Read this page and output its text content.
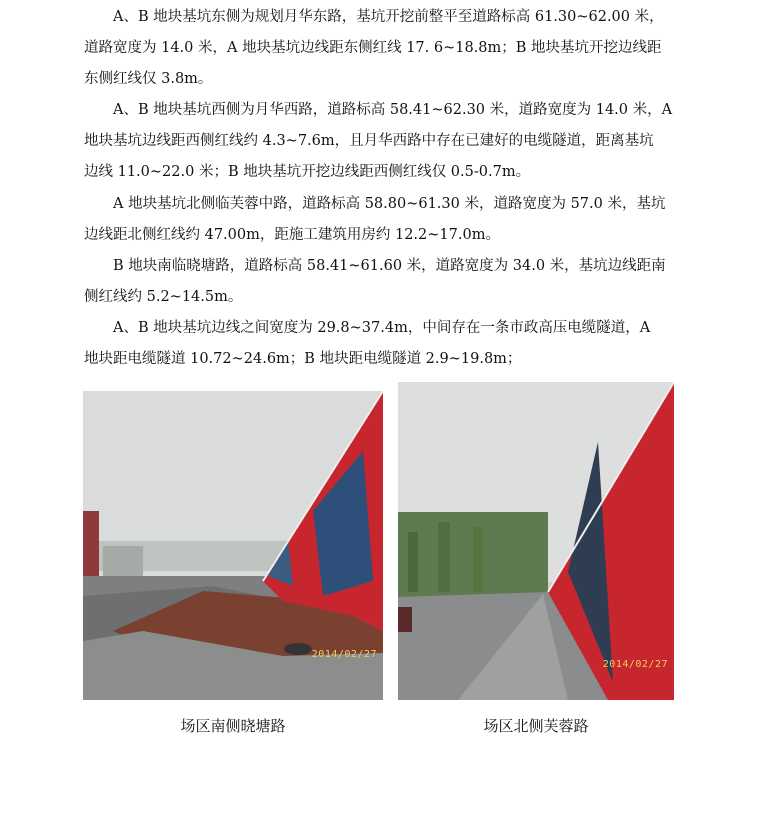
A、B 地块基坑东侧为规划月华东路，基坑开挖前整平至道路标高 61.30~62.00 米，
道路宽度为 14.0 米，A 地块基坑边线距东侧红线 17. 6~18.8m；B 地块基坑开挖边线距
东侧红线仅 3.8m。
A、B 地块基坑西侧为月华西路，道路标高 58.41~62.30 米，道路宽度为 14.0 米，A
地块基坑边线距西侧红线约 4.3~7.6m，且月华西路中存在已建好的电缆隧道，距离基坑
边线 11.0~22.0 米；B 地块基坑开挖边线距西侧红线仅 0.5-0.7m。
A 地块基坑北侧临芙蓉中路，道路标高 58.80~61.30 米，道路宽度为 57.0 米，基坑
边线距北侧红线约 47.00m，距施工建筑用房约 12.2~17.0m。
B 地块南临晓塘路，道路标高 58.41~61.60 米，道路宽度为 34.0 米，基坑边线距南
侧红线约 5.2~14.5m。
A、B 地块基坑边线之间宽度为 29.8~37.4m，中间存在一条市政高压电缆隧道，A
地块距电缆隧道 10.72~24.6m；B 地块距电缆隧道 2.9~19.8m；
2014/02/27
2014/02/27
场区南侧晓塘路	场区北侧芙蓉路
